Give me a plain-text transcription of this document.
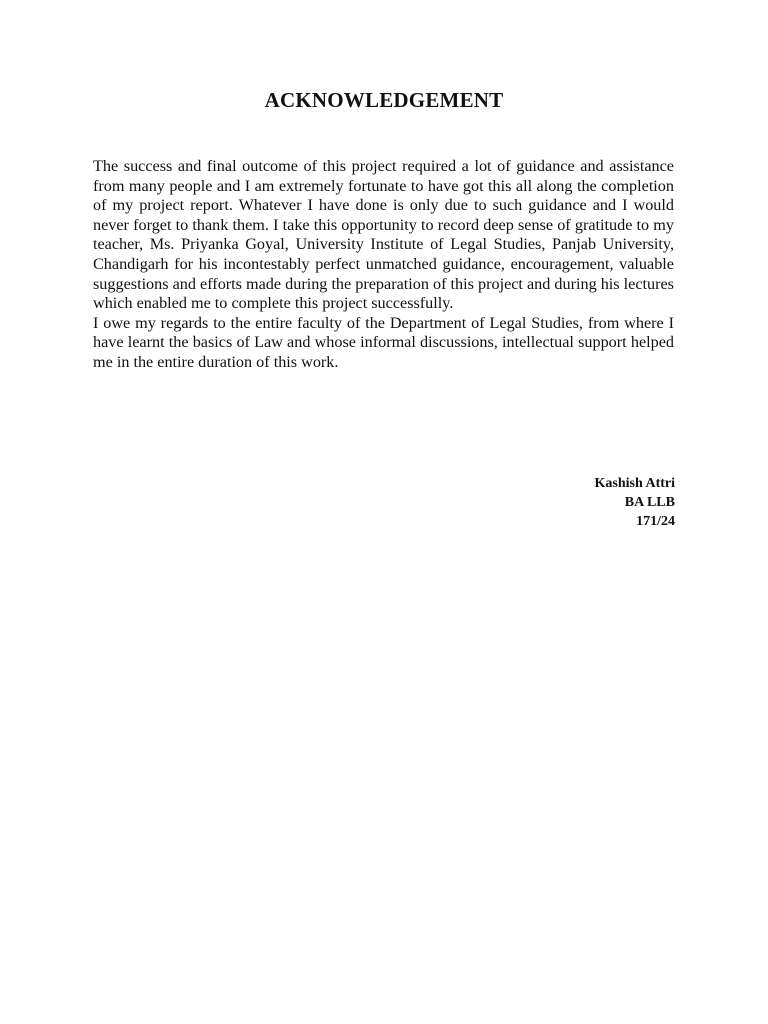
ACKNOWLEDGEMENT

The success and final outcome of this project required a lot of guidance and assistance from many people and I am extremely fortunate to have got this all along the completion of my project report. Whatever I have done is only due to such guidance and I would never forget to thank them. I take this opportunity to record deep sense of gratitude to my teacher, Ms. Priyanka Goyal, University Institute of Legal Studies, Panjab University, Chandigarh for his incontestably perfect unmatched guidance, encouragement, valuable suggestions and efforts made during the preparation of this project and during his lectures which enabled me to complete this project successfully.

I owe my regards to the entire faculty of the Department of Legal Studies, from where I have learnt the basics of Law and whose informal discussions, intellectual support helped me in the entire duration of this work.

Kashish Attri
BA LLB
171/24
